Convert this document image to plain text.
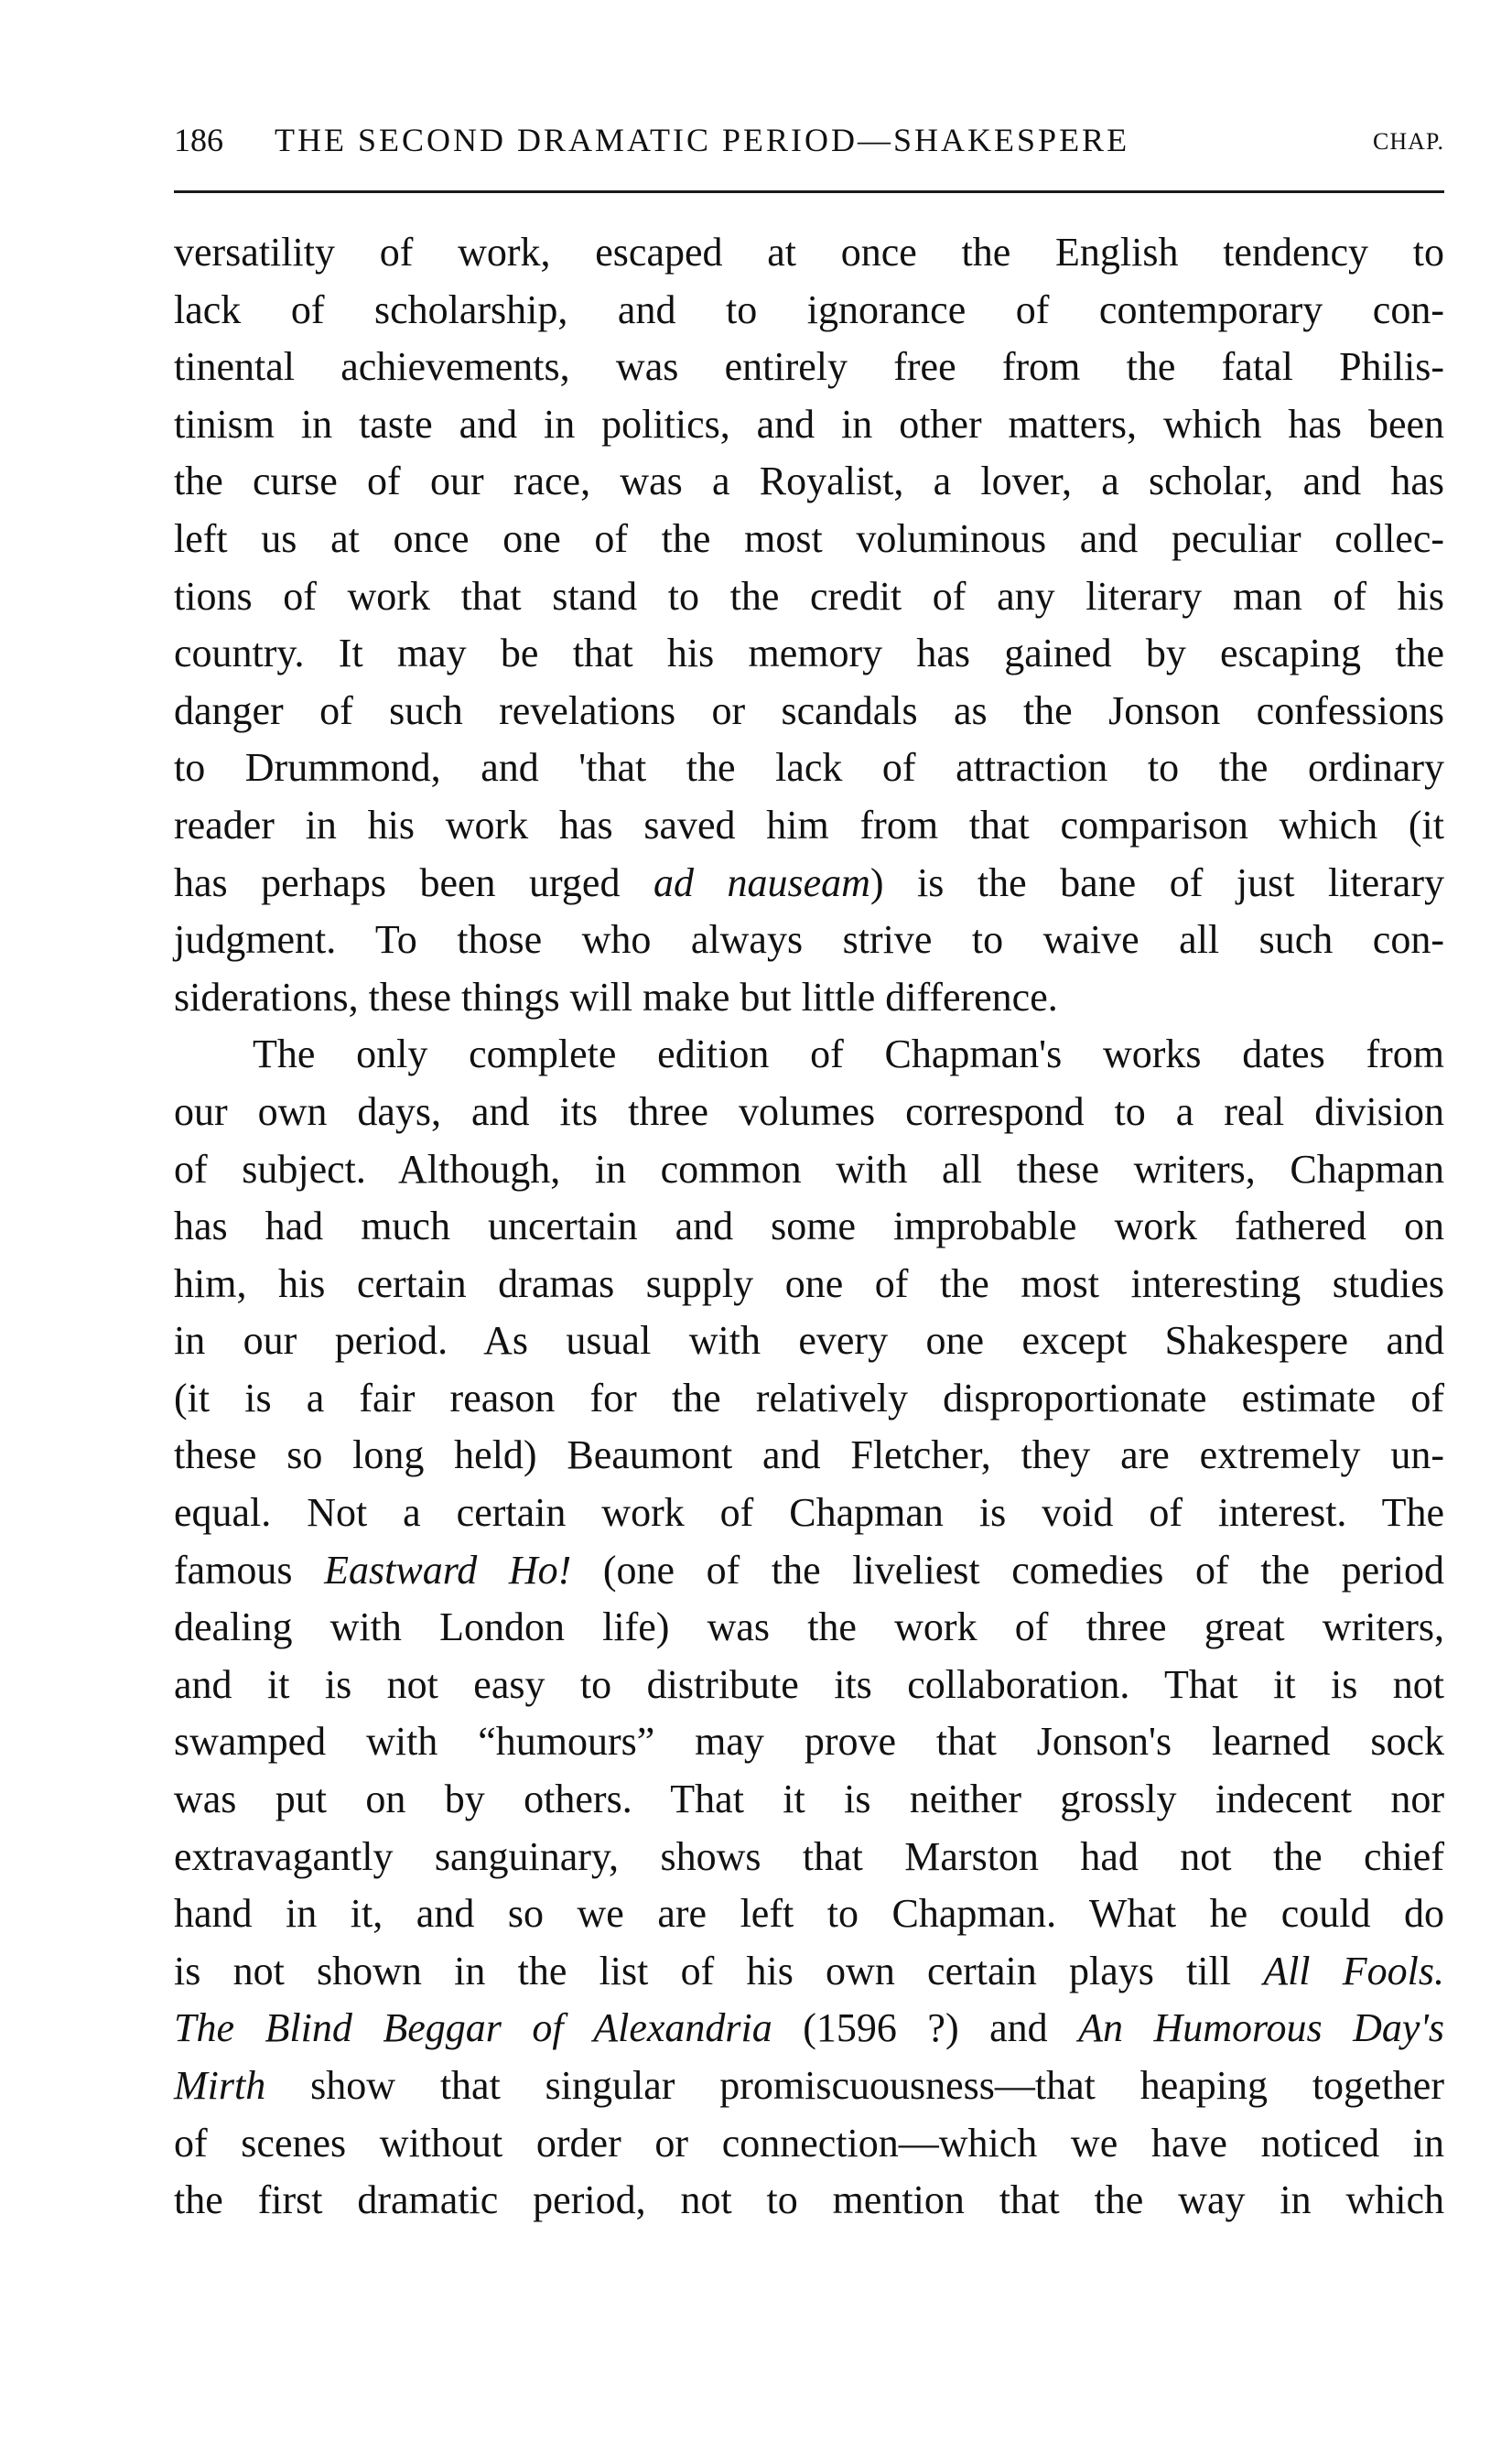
186 THE SECOND DRAMATIC PERIOD—SHAKESPERE	CHAP.
versatility of work, escaped at once the English tendency to
lack of scholarship, and to ignorance of contemporary con-
tinental achievements, was entirely free from the fatal Philis-
tinism in taste and in politics, and in other matters, which has been
the curse of our race, was a Royalist, a lover, a scholar, and has
left us at once one of the most voluminous and peculiar collec-
tions of work that stand to the credit of any literary man of his
country. It may be that his memory has gained by escaping the
danger of such revelations or scandals as the Jonson confessions
to Drummond, and 'that the lack of attraction to the ordinary
reader in his work has saved him from that comparison which (it
has perhaps been urged ad nauseam) is the bane of just literary
judgment. To those who always strive to waive all such con-
siderations, these things will make but little difference.
The only complete edition of Chapman's works dates from
our own days, and its three volumes correspond to a real division
of subject. Although, in common with all these writers, Chapman
has had much uncertain and some improbable work fathered on
him, his certain dramas supply one of the most interesting studies
in our period. As usual with every one except Shakespere and
(it is a fair reason for the relatively disproportionate estimate of
these so long held) Beaumont and Fletcher, they are extremely un-
equal. Not a certain work of Chapman is void of interest. The
famous Eastward Ho! (one of the liveliest comedies of the period
dealing with London life) was the work of three great writers,
and it is not easy to distribute its collaboration. That it is not
swamped with “humours” may prove that Jonson's learned sock
was put on by others. That it is neither grossly indecent nor
extravagantly sanguinary, shows that Marston had not the chief
hand in it, and so we are left to Chapman. What he could do
is not shown in the list of his own certain plays till All Fools.
The Blind Beggar of Alexandria (1596 ?) and An Humorous Day's
Mirth show that singular promiscuousness—that heaping together
of scenes without order or connection—which we have noticed in
the first dramatic period, not to mention that the way in which
